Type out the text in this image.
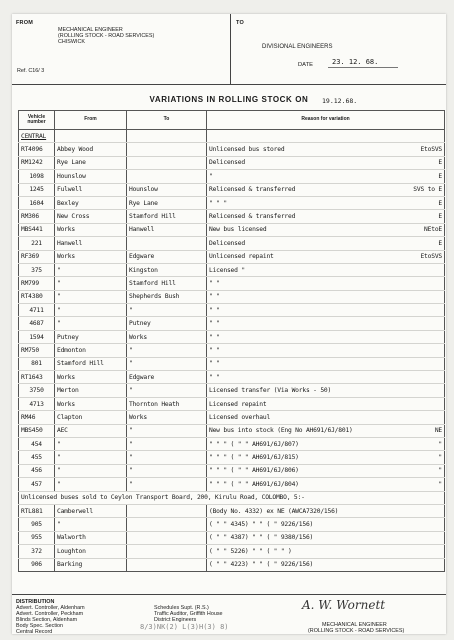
FROM
MECHANICAL ENGINEER
(ROLLING STOCK - ROAD SERVICES)
CHISWICK
Ref. C16/ 3
TO
DIVISIONAL ENGINEERS
DATE	23. 12. 68.
VARIATIONS IN ROLLING STOCK ON	19.12.68.
Vehicle number	From	To	Reason for variation	
CENTRAL				
RT4096	Abbey Wood		Unlicensed bus stored	EtoSVS
RM1242	Rye Lane		Delicensed	E
1098	Hounslow		"	E
1245	Fulwell	Hounslow	Relicensed & transferred	SVS to E
1604	Bexley	Rye Lane	" " "	E
RM306	New Cross	Stamford Hill	Relicensed & transferred	E
MBS441	Works	Hanwell	New bus licensed	NEtoE
221	Hanwell		Delicensed	E
RF369	Works	Edgware	Unlicensed repaint	EtoSVS
375	"	Kingston	Licensed "	
RM799	"	Stamford Hill	" "	
RT4380	"	Shepherds Bush	" "	
4711	"	"	" "	
4687	"	Putney	" "	
1594	Putney	Works	" "	
RM750	Edmonton	"	" "	
801	Stamford Hill	"	" "	
RT1643	Works	Edgware	" "	
3750	Merton	"	Licensed transfer (Via Works - 50)	
4713	Works	Thornton Heath	Licensed repaint	
RM46	Clapton	Works	Licensed overhaul	
MBS450	AEC	"	New bus into stock (Eng No AH691/6J/801)	NE
454	"	"	" " " ( " " AH691/6J/807)	"
455	"	"	" " " ( " " AH691/6J/815)	"
456	"	"	" " " ( " " AH691/6J/806)	"
457	"	"	" " " ( " " AH691/6J/804)	"
Unlicensed buses sold to Ceylon Transport Board, 200, Kirulu Road, COLOMBO, 5:-				
RTL881	Camberwell		(Body No. 4332) ex NE (AWCA7320/156)	
905	"		( " " 4345) " " ( " 9226/156)	
955	Walworth		( " " 4387) " " ( " 9380/156)	
372	Loughton		( " " 5226) " " ( " " )	
906	Barking		( " " 4223) " " ( " 9226/156)	
DISTRIBUTION
Advert. Controller, Aldenham
Advert. Controller, Peckham
Blinds Section, Aldenham
Body Spec. Section
Central Record
Schedules Supt. (R.S.)
Traffic Auditor, Griffith House
District Engineers
MECHANICAL ENGINEER
(ROLLING STOCK - ROAD SERVICES)
A. W. Wornett
8/3)NK(2) L(3)H(3) 8)
